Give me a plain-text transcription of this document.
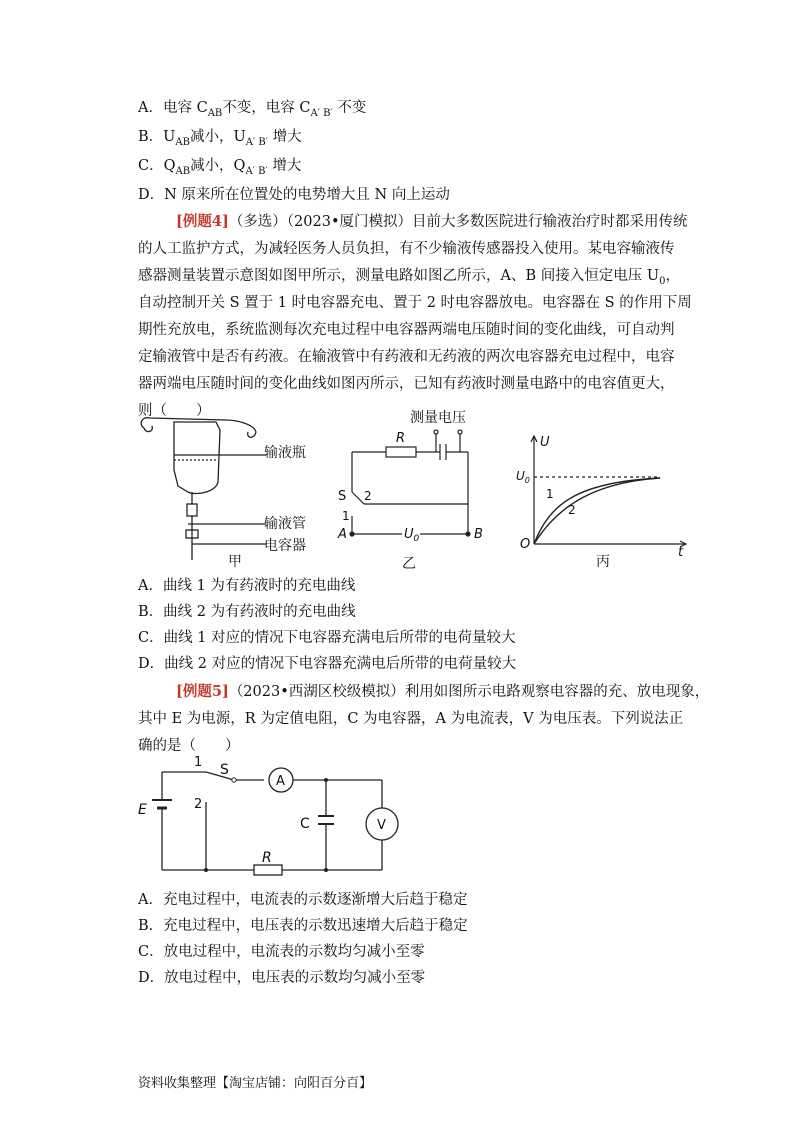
A．电容 $C_{AB}$不变，电容 $C_{A' B'}$ 不变
B．$U_{AB}$减小，$U_{A' B'}$ 增大
C．$Q_{AB}$减小，$Q_{A' B'}$ 增大
D．N 原来所在位置处的电势增大且 N 向上运动
[例题4]（多选）（2023•厦门模拟）目前大多数医院进行输液治疗时都采用传统
的人工监护方式，为减轻医务人员负担，有不少输液传感器投入使用。某电容输液传
感器测量装置示意图如图甲所示，测量电路如图乙所示，A、B 间接入恒定电压 $U_0$，
自动控制开关 S 置于 1 时电容器充电、置于 2 时电容器放电。电容器在 S 的作用下周
期性充放电，系统监测每次充电过程中电容器两端电压随时间的变化曲线，可自动判
定输液管中是否有药液。在输液管中有药液和无药液的两次电容器充电过程中，电容
器两端电压随时间的变化曲线如图丙所示，已知有药液时测量电路中的电容值更大，
则（　　）
输液瓶
输液管
电容器
甲
测量电压
R
S 2
1
A	B
$U_0$
乙
U
$U_0$
1
2
O
t
丙
A．曲线 1 为有药液时的充电曲线
B．曲线 2 为有药液时的充电曲线
C．曲线 1 对应的情况下电容器充满电后所带的电荷量较大
D．曲线 2 对应的情况下电容器充满电后所带的电荷量较大
[例题5]（2023•西湖区校级模拟）利用如图所示电路观察电容器的充、放电现象，
其中 E 为电源，R 为定值电阻，C 为电容器，A 为电流表，V 为电压表。下列说法正
确的是（　　）
1
2
S
A
E
C	V
R
A．充电过程中，电流表的示数逐渐增大后趋于稳定
B．充电过程中，电压表的示数迅速增大后趋于稳定
C．放电过程中，电流表的示数均匀减小至零
D．放电过程中，电压表的示数均匀减小至零
资料收集整理【淘宝店铺：向阳百分百】
